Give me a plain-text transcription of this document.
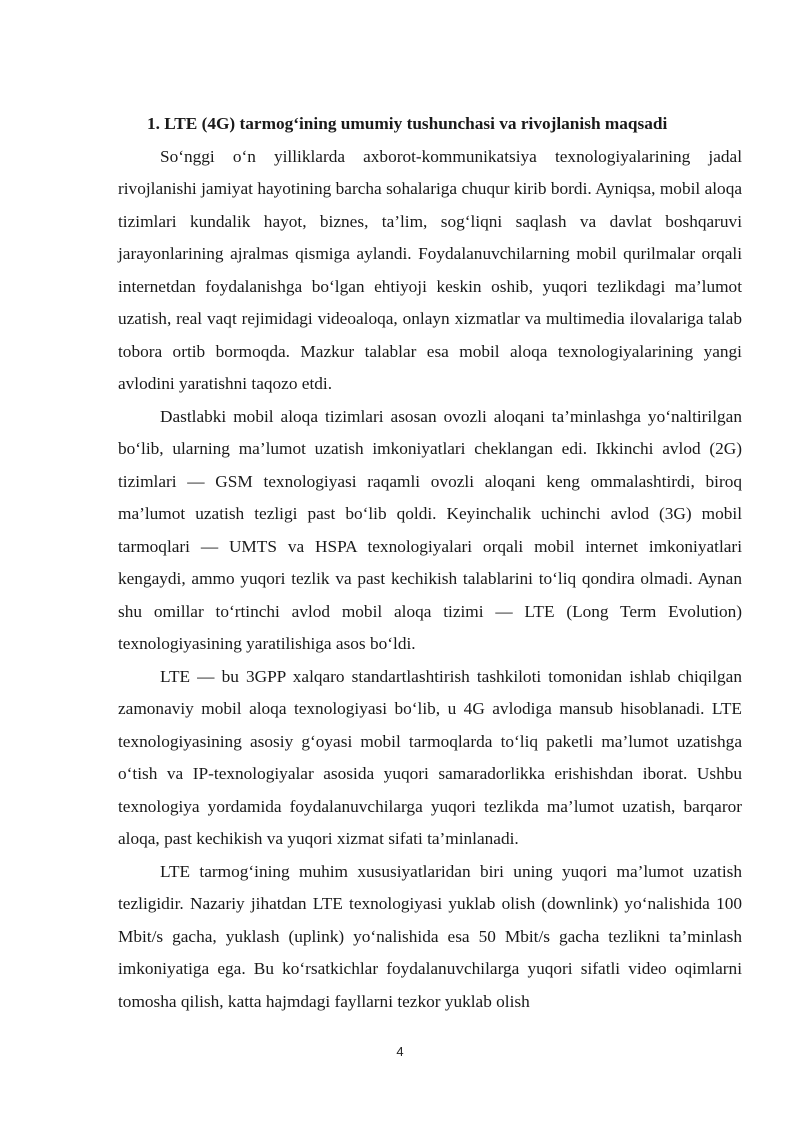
1. LTE (4G) tarmog‘ining umumiy tushunchasi va rivojlanish maqsadi

So‘nggi o‘n yilliklarda axborot-kommunikatsiya texnologiyalarining jadal rivojlanishi jamiyat hayotining barcha sohalariga chuqur kirib bordi. Ayniqsa, mobil aloqa tizimlari kundalik hayot, biznes, ta’lim, sog‘liqni saqlash va davlat boshqaruvi jarayonlarining ajralmas qismiga aylandi. Foydalanuvchilarning mobil qurilmalar orqali internetdan foydalanishga bo‘lgan ehtiyoji keskin oshib, yuqori tezlikdagi ma’lumot uzatish, real vaqt rejimidagi videoaloqa, onlayn xizmatlar va multimedia ilovalariga talab tobora ortib bormoqda. Mazkur talablar esa mobil aloqa texnologiyalarining yangi avlodini yaratishni taqozo etdi.

Dastlabki mobil aloqa tizimlari asosan ovozli aloqani ta’minlashga yo‘naltirilgan bo‘lib, ularning ma’lumot uzatish imkoniyatlari cheklangan edi. Ikkinchi avlod (2G) tizimlari — GSM texnologiyasi raqamli ovozli aloqani keng ommalashtirdi, biroq ma’lumot uzatish tezligi past bo‘lib qoldi. Keyinchalik uchinchi avlod (3G) mobil tarmoqlari — UMTS va HSPA texnologiyalari orqali mobil internet imkoniyatlari kengaydi, ammo yuqori tezlik va past kechikish talablarini to‘liq qondira olmadi. Aynan shu omillar to‘rtinchi avlod mobil aloqa tizimi — LTE (Long Term Evolution) texnologiyasining yaratilishiga asos bo‘ldi.

LTE — bu 3GPP xalqaro standartlashtirish tashkiloti tomonidan ishlab chiqilgan zamonaviy mobil aloqa texnologiyasi bo‘lib, u 4G avlodiga mansub hisoblanadi. LTE texnologiyasining asosiy g‘oyasi mobil tarmoqlarda to‘liq paketli ma’lumot uzatishga o‘tish va IP-texnologiyalar asosida yuqori samaradorlikka erishishdan iborat. Ushbu texnologiya yordamida foydalanuvchilarga yuqori tezlikda ma’lumot uzatish, barqaror aloqa, past kechikish va yuqori xizmat sifati ta’minlanadi.

LTE tarmog‘ining muhim xususiyatlaridan biri uning yuqori ma’lumot uzatish tezligidir. Nazariy jihatdan LTE texnologiyasi yuklab olish (downlink) yo‘nalishida 100 Mbit/s gacha, yuklash (uplink) yo‘nalishida esa 50 Mbit/s gacha tezlikni ta’minlash imkoniyatiga ega. Bu ko‘rsatkichlar foydalanuvchilarga yuqori sifatli video oqimlarni tomosha qilish, katta hajmdagi fayllarni tezkor yuklab olish

4
